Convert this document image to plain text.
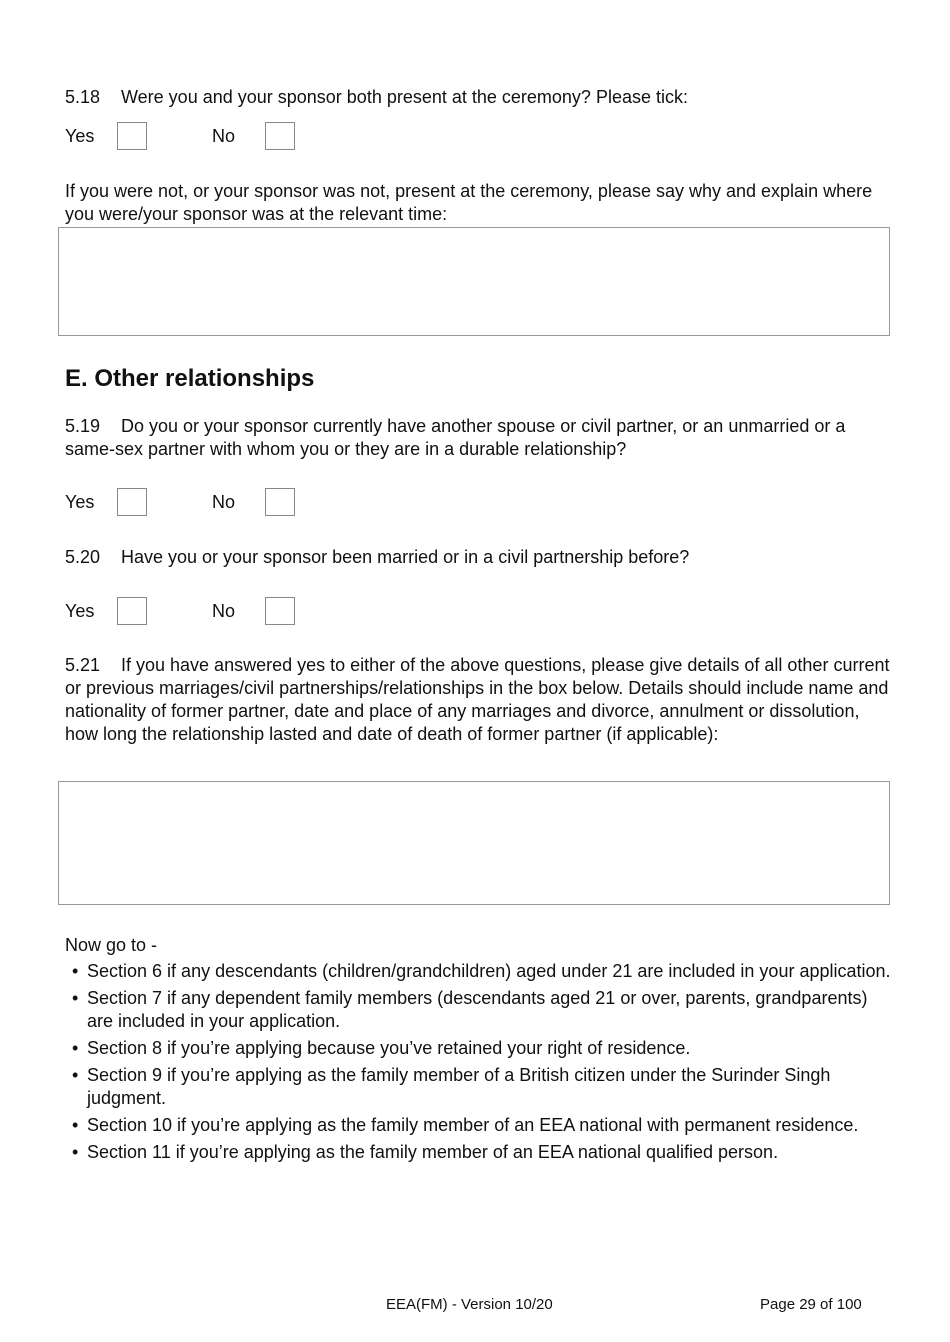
5.18 Were you and your sponsor both present at the ceremony? Please tick:
Yes	No
If you were not, or your sponsor was not, present at the ceremony, please say why and explain where you were/your sponsor was at the relevant time:
E. Other relationships
5.19 Do you or your sponsor currently have another spouse or civil partner, or an unmarried or a same-sex partner with whom you or they are in a durable relationship?
Yes	No
5.20 Have you or your sponsor been married or in a civil partnership before?
Yes	No
5.21 If you have answered yes to either of the above questions, please give details of all other current or previous marriages/civil partnerships/relationships in the box below. Details should include name and nationality of former partner, date and place of any marriages and divorce, annulment or dissolution, how long the relationship lasted and date of death of former partner (if applicable):
Now go to -
• Section 6 if any descendants (children/grandchildren) aged under 21 are included in your application.
• Section 7 if any dependent family members (descendants aged 21 or over, parents, grandparents) are included in your application.
• Section 8 if you’re applying because you’ve retained your right of residence.
• Section 9 if you’re applying as the family member of a British citizen under the Surinder Singh judgment.
• Section 10 if you’re applying as the family member of an EEA national with permanent residence.
• Section 11 if you’re applying as the family member of an EEA national qualified person.
EEA(FM) - Version 10/20	Page 29 of 100
